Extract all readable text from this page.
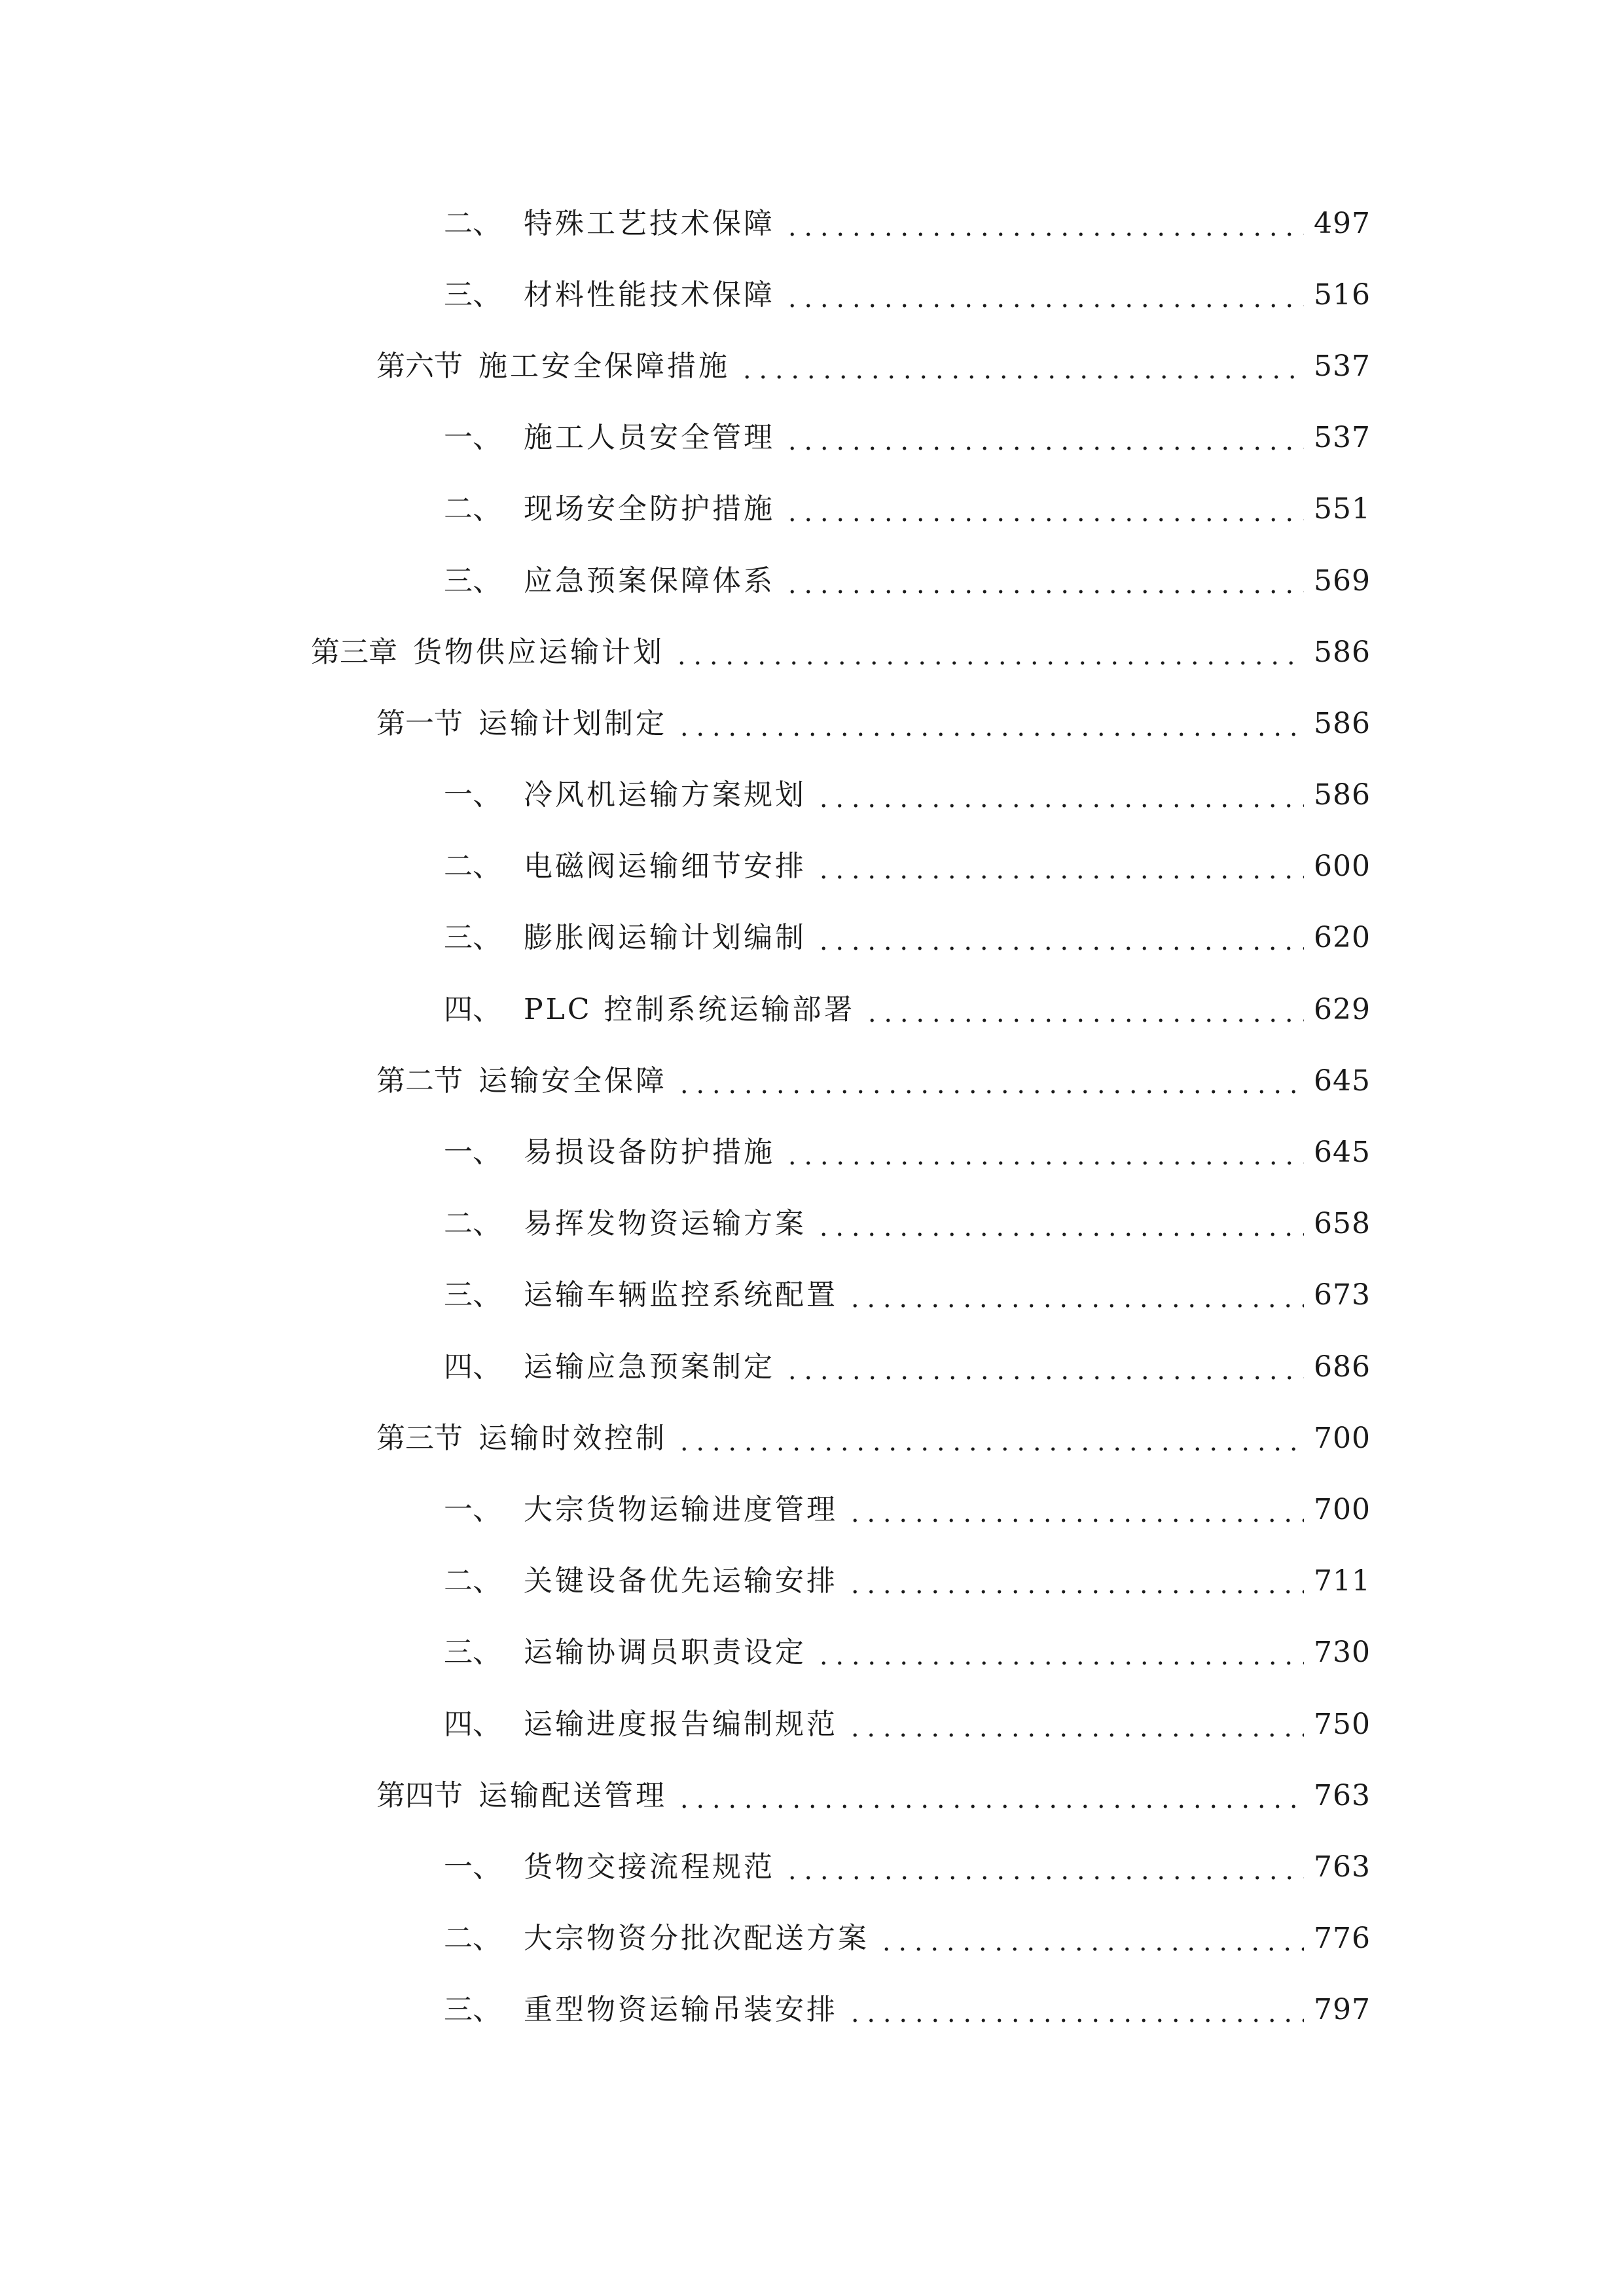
二、 特殊工艺技术保障	497
三、 材料性能技术保障	516
第六节 施工安全保障措施	537
一、 施工人员安全管理	537
二、 现场安全防护措施	551
三、 应急预案保障体系	569
第三章 货物供应运输计划	586
第一节 运输计划制定	586
一、 冷风机运输方案规划	586
二、 电磁阀运输细节安排	600
三、 膨胀阀运输计划编制	620
四、 PLC 控制系统运输部署	629
第二节 运输安全保障	645
一、 易损设备防护措施	645
二、 易挥发物资运输方案	658
三、 运输车辆监控系统配置	673
四、 运输应急预案制定	686
第三节 运输时效控制	700
一、 大宗货物运输进度管理	700
二、 关键设备优先运输安排	711
三、 运输协调员职责设定	730
四、 运输进度报告编制规范	750
第四节 运输配送管理	763
一、 货物交接流程规范	763
二、 大宗物资分批次配送方案	776
三、 重型物资运输吊装安排	797
